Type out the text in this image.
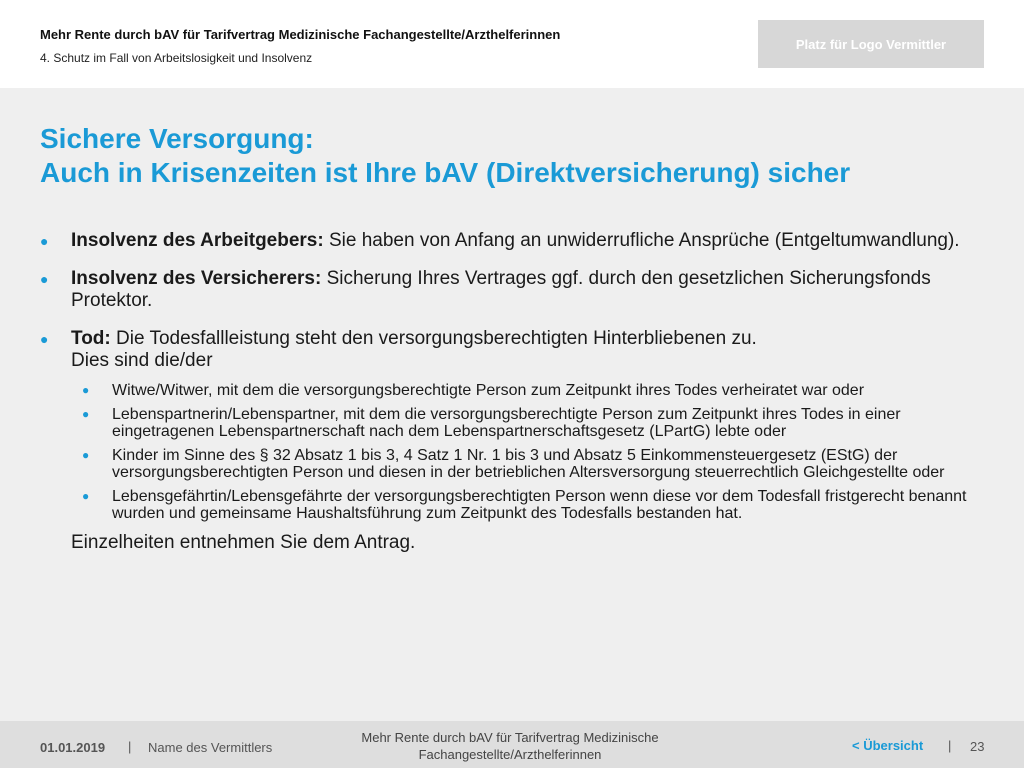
Mehr Rente durch bAV für Tarifvertrag Medizinische Fachangestellte/Arzthelferinnen
4. Schutz im Fall von Arbeitslosigkeit und Insolvenz
Platz für Logo Vermittler
Sichere Versorgung:
Auch in Krisenzeiten ist Ihre bAV (Direktversicherung) sicher
● Insolvenz des Arbeitgebers: Sie haben von Anfang an unwiderrufliche Ansprüche (Entgeltumwandlung).
● Insolvenz des Versicherers: Sicherung Ihres Vertrages ggf. durch den gesetzlichen Sicherungsfonds Protektor.
● Tod: Die Todesfallleistung steht den versorgungsberechtigten Hinterbliebenen zu.
Dies sind die/der
● Witwe/Witwer, mit dem die versorgungsberechtigte Person zum Zeitpunkt ihres Todes verheiratet war oder
● Lebenspartnerin/Lebenspartner, mit dem die versorgungsberechtigte Person zum Zeitpunkt ihres Todes in einer eingetragenen Lebenspartnerschaft nach dem Lebenspartnerschaftsgesetz (LPartG) lebte oder
● Kinder im Sinne des § 32 Absatz 1 bis 3, 4 Satz 1 Nr. 1 bis 3 und Absatz 5 Einkommensteuergesetz (EStG) der versorgungsberechtigten Person und diesen in der betrieblichen Altersversorgung steuerrechtlich Gleichgestellte oder
● Lebensgefährtin/Lebensgefährte der versorgungsberechtigten Person wenn diese vor dem Todesfall fristgerecht benannt wurden und gemeinsame Haushaltsführung zum Zeitpunkt des Todesfalls bestanden hat.
Einzelheiten entnehmen Sie dem Antrag.
01.01.2019 | Name des Vermittlers
Mehr Rente durch bAV für Tarifvertrag Medizinische Fachangestellte/Arzthelferinnen
< Übersicht | 23
